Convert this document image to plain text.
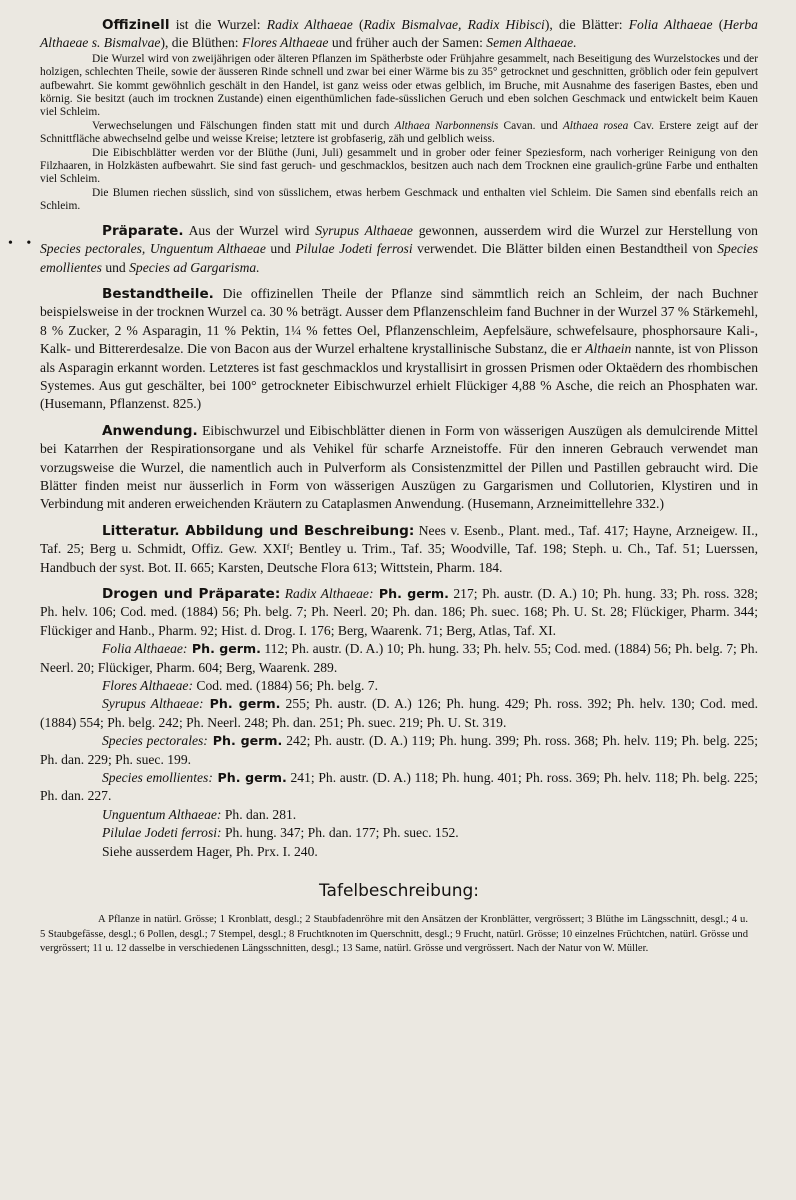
• •

Offizinell ist die Wurzel: Radix Althaeae (Radix Bismalvae, Radix Hibisci), die Blätter: Folia Althaeae (Herba Althaeae s. Bismalvae), die Blüthen: Flores Althaeae und früher auch der Samen: Semen Althaeae.

Die Wurzel wird von zweijährigen oder älteren Pflanzen im Spätherbste oder Frühjahre gesammelt, nach Beseitigung des Wurzelstockes und der holzigen, schlechten Theile, sowie der äusseren Rinde schnell und zwar bei einer Wärme bis zu 35° getrocknet und geschnitten, gröblich oder fein gepulvert aufbewahrt. Sie kommt gewöhnlich geschält in den Handel, ist ganz weiss oder etwas gelblich, im Bruche, mit Ausnahme des faserigen Bastes, eben und körnig. Sie besitzt (auch im trocknen Zustande) einen eigenthümlichen fade-süsslichen Geruch und eben solchen Geschmack und entwickelt beim Kauen viel Schleim.

Verwechselungen und Fälschungen finden statt mit und durch Althaea Narbonnensis Cavan. und Althaea rosea Cav. Erstere zeigt auf der Schnittfläche abwechselnd gelbe und weisse Kreise; letztere ist grobfaserig, zäh und gelblich weiss.

Die Eibischblätter werden vor der Blüthe (Juni, Juli) gesammelt und in grober oder feiner Speziesform, nach vorheriger Reinigung von den Filzhaaren, in Holzkästen aufbewahrt. Sie sind fast geruch- und geschmacklos, besitzen auch nach dem Trocknen eine graulich-grüne Farbe und enthalten viel Schleim.

Die Blumen riechen süsslich, sind von süsslichem, etwas herbem Geschmack und enthalten viel Schleim. Die Samen sind ebenfalls reich an Schleim.

Präparate. Aus der Wurzel wird Syrupus Althaeae gewonnen, ausserdem wird die Wurzel zur Herstellung von Species pectorales, Unguentum Althaeae und Pilulae Jodeti ferrosi verwendet. Die Blätter bilden einen Bestandtheil von Species emollientes und Species ad Gargarisma.

Bestandtheile. Die offizinellen Theile der Pflanze sind sämmtlich reich an Schleim, der nach Buchner beispielsweise in der trocknen Wurzel ca. 30 % beträgt. Ausser dem Pflanzenschleim fand Buchner in der Wurzel 37 % Stärkemehl, 8 % Zucker, 2 % Asparagin, 11 % Pektin, 1¼ % fettes Oel, Pflanzenschleim, Aepfelsäure, schwefelsaure, phosphorsaure Kali-, Kalk- und Bittererdesalze. Die von Bacon aus der Wurzel erhaltene krystallinische Substanz, die er Althaein nannte, ist von Plisson als Asparagin erkannt worden. Letzteres ist fast geschmacklos und krystallisirt in grossen Prismen oder Oktaëdern des rhombischen Systemes. Aus gut geschälter, bei 100° getrockneter Eibischwurzel erhielt Flückiger 4,88 % Asche, die reich an Phosphaten war. (Husemann, Pflanzenst. 825.)

Anwendung. Eibischwurzel und Eibischblätter dienen in Form von wässerigen Auszügen als demulcirende Mittel bei Katarrhen der Respirationsorgane und als Vehikel für scharfe Arzneistoffe. Für den inneren Gebrauch verwendet man vorzugsweise die Wurzel, die namentlich auch in Pulverform als Consistenzmittel der Pillen und Pastillen gebraucht wird. Die Blätter finden meist nur äusserlich in Form von wässerigen Auszügen zu Gargarismen und Collutorien, Klystiren und in Verbindung mit anderen erweichenden Kräutern zu Cataplasmen Anwendung. (Husemann, Arzneimittellehre 332.)

Litteratur. Abbildung und Beschreibung: Nees v. Esenb., Plant. med., Taf. 417; Hayne, Arzneigew. II., Taf. 25; Berg u. Schmidt, Offiz. Gew. XXIᶠ; Bentley u. Trim., Taf. 35; Woodville, Taf. 198; Steph. u. Ch., Taf. 51; Luerssen, Handbuch der syst. Bot. II. 665; Karsten, Deutsche Flora 613; Wittstein, Pharm. 184.

Drogen und Präparate: Radix Althaeae: Ph. germ. 217; Ph. austr. (D. A.) 10; Ph. hung. 33; Ph. ross. 328; Ph. helv. 106; Cod. med. (1884) 56; Ph. belg. 7; Ph. Neerl. 20; Ph. dan. 186; Ph. suec. 168; Ph. U. St. 28; Flückiger, Pharm. 344; Flückiger and Hanb., Pharm. 92; Hist. d. Drog. I. 176; Berg, Waarenk. 71; Berg, Atlas, Taf. XI.

Folia Althaeae: Ph. germ. 112; Ph. austr. (D. A.) 10; Ph. hung. 33; Ph. helv. 55; Cod. med. (1884) 56; Ph. belg. 7; Ph. Neerl. 20; Flückiger, Pharm. 604; Berg, Waarenk. 289.

Flores Althaeae: Cod. med. (1884) 56; Ph. belg. 7.

Syrupus Althaeae: Ph. germ. 255; Ph. austr. (D. A.) 126; Ph. hung. 429; Ph. ross. 392; Ph. helv. 130; Cod. med. (1884) 554; Ph. belg. 242; Ph. Neerl. 248; Ph. dan. 251; Ph. suec. 219; Ph. U. St. 319.

Species pectorales: Ph. germ. 242; Ph. austr. (D. A.) 119; Ph. hung. 399; Ph. ross. 368; Ph. helv. 119; Ph. belg. 225; Ph. dan. 229; Ph. suec. 199.

Species emollientes: Ph. germ. 241; Ph. austr. (D. A.) 118; Ph. hung. 401; Ph. ross. 369; Ph. helv. 118; Ph. belg. 225; Ph. dan. 227.

Unguentum Althaeae: Ph. dan. 281.

Pilulae Jodeti ferrosi: Ph. hung. 347; Ph. dan. 177; Ph. suec. 152.

Siehe ausserdem Hager, Ph. Prx. I. 240.

Tafelbeschreibung:

A Pflanze in natürl. Grösse; 1 Kronblatt, desgl.; 2 Staubfadenröhre mit den Ansätzen der Kronblätter, vergrössert; 3 Blüthe im Längsschnitt, desgl.; 4 u. 5 Staubgefässe, desgl.; 6 Pollen, desgl.; 7 Stempel, desgl.; 8 Fruchtknoten im Querschnitt, desgl.; 9 Frucht, natürl. Grösse; 10 einzelnes Früchtchen, natürl. Grösse und vergrössert; 11 u. 12 dasselbe in verschiedenen Längsschnitten, desgl.; 13 Same, natürl. Grösse und vergrössert. Nach der Natur von W. Müller.
